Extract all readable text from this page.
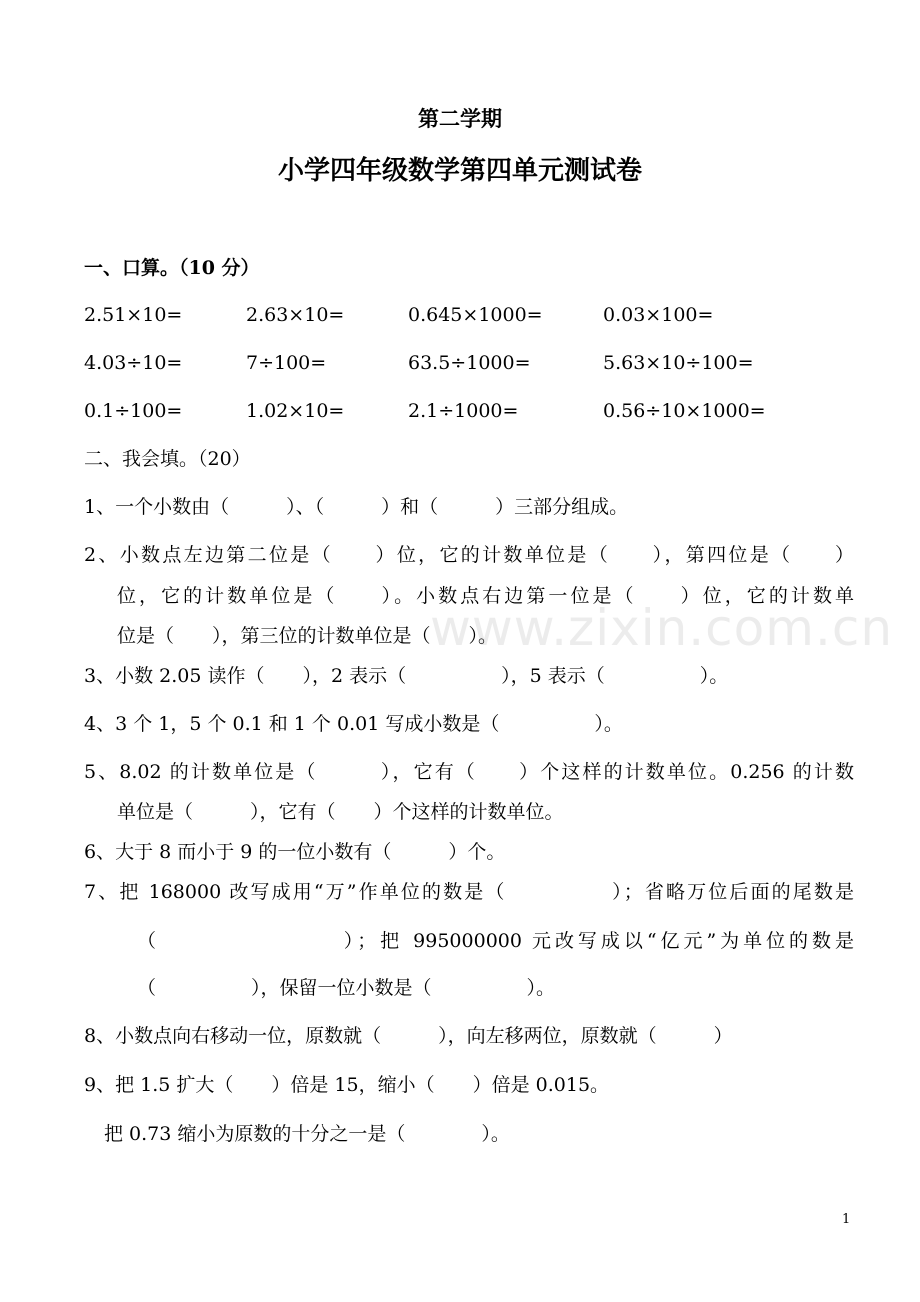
www.zixin.com.cn
第二学期
小学四年级数学第四单元测试卷
一、口算。（10 分）
2.51×10=	2.63×10=	0.645×1000=	0.03×100=
4.03÷10=	7÷100=	63.5÷1000=	5.63×10÷100=
0.1÷100=	1.02×10=	2.1÷1000=	0.56÷10×1000=
二、我会填。（20）
1、一个小数由（　　　）、（　　　）和（　　　）三部分组成。
2、小数点左边第二位是（　　）位，它的计数单位是（　　），第四位是（　　）
位，它的计数单位是（　　）。小数点右边第一位是（　　）位，它的计数单
位是（　　），第三位的计数单位是（　　）。
3、小数 2.05 读作（　　），2 表示（　　　　　），5 表示（　　　　　）。
4、3 个 1，5 个 0.1 和 1 个 0.01 写成小数是（　　　　　）。
5、8.02 的计数单位是（　　　），它有（　　）个这样的计数单位。0.256 的计数
单位是（　　　），它有（　　）个这样的计数单位。
6、大于 8 而小于 9 的一位小数有（　　　）个。
7、把 168000 改写成用“万”作单位的数是（　　　　　）；省略万位后面的尾数是
（　　　　　　　　）；把 995000000 元改写成以“亿元”为单位的数是
（　　　　　），保留一位小数是（　　　　　）。
8、小数点向右移动一位，原数就（　　　），向左移两位，原数就（　　　）
9、把 1.5 扩大（　　）倍是 15，缩小（　　）倍是 0.015。
把 0.73 缩小为原数的十分之一是（　　　　）。
1
